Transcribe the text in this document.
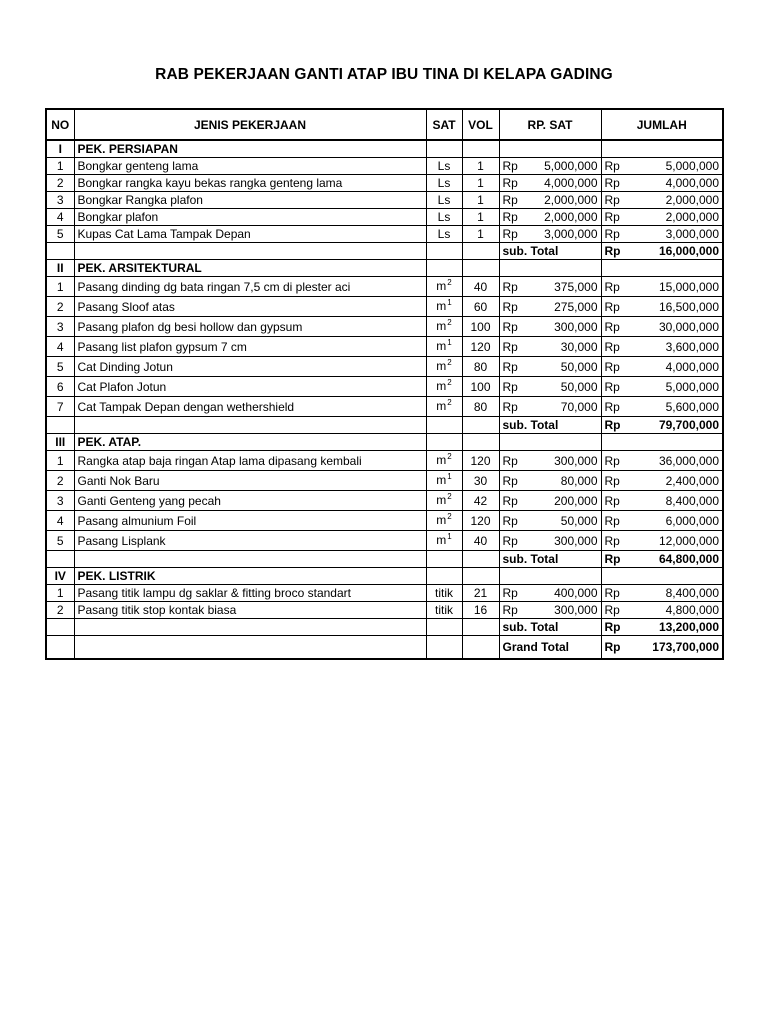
RAB PEKERJAAN GANTI ATAP IBU TINA DI KELAPA GADING
NO	JENIS PEKERJAAN	SAT	VOL	RP. SAT	JUMLAH
I	PEK. PERSIAPAN				
1	Bongkar genteng lama	Ls	1	Rp 5,000,000	Rp 5,000,000

2	Bongkar rangka kayu bekas rangka genteng lama	Ls	1	Rp 4,000,000	Rp 4,000,000

3	Bongkar Rangka plafon	Ls	1	Rp 2,000,000	Rp 2,000,000

4	Bongkar plafon	Ls	1	Rp 2,000,000	Rp 2,000,000

5	Kupas Cat Lama Tampak Depan	Ls	1	Rp 3,000,000	Rp 3,000,000

				sub. Total	Rp 16,000,000

II	PEK. ARSITEKTURAL				
1	Pasang dinding dg bata ringan 7,5 cm di plester aci	$m^2$	40	Rp 375,000	Rp 15,000,000

2	Pasang Sloof atas	$m^1$	60	Rp 275,000	Rp 16,500,000

3	Pasang plafon dg besi hollow dan gypsum	$m^2$	100	Rp 300,000	Rp 30,000,000

4	Pasang list plafon gypsum 7 cm	$m^1$	120	Rp 30,000	Rp 3,600,000

5	Cat Dinding Jotun	$m^2$	80	Rp 50,000	Rp 4,000,000

6	Cat Plafon Jotun	$m^2$	100	Rp 50,000	Rp 5,000,000

7	Cat Tampak Depan dengan wethershield	$m^2$	80	Rp 70,000	Rp 5,600,000

				sub. Total	Rp 79,700,000

III	PEK. ATAP.				
1	Rangka atap baja ringan Atap lama dipasang kembali	$m^2$	120	Rp 300,000	Rp 36,000,000

2	Ganti Nok Baru	$m^1$	30	Rp 80,000	Rp 2,400,000

3	Ganti Genteng yang pecah	$m^2$	42	Rp 200,000	Rp 8,400,000

4	Pasang almunium Foil	$m^2$	120	Rp 50,000	Rp 6,000,000

5	Pasang Lisplank	$m^1$	40	Rp 300,000	Rp 12,000,000

				sub. Total	Rp 64,800,000

IV	PEK. LISTRIK				
1	Pasang titik lampu dg saklar & fitting broco standart	titik	21	Rp 400,000	Rp 8,400,000

2	Pasang titik stop kontak biasa	titik	16	Rp 300,000	Rp 4,800,000

				sub. Total	Rp 13,200,000

				Grand Total	Rp 173,700,000
